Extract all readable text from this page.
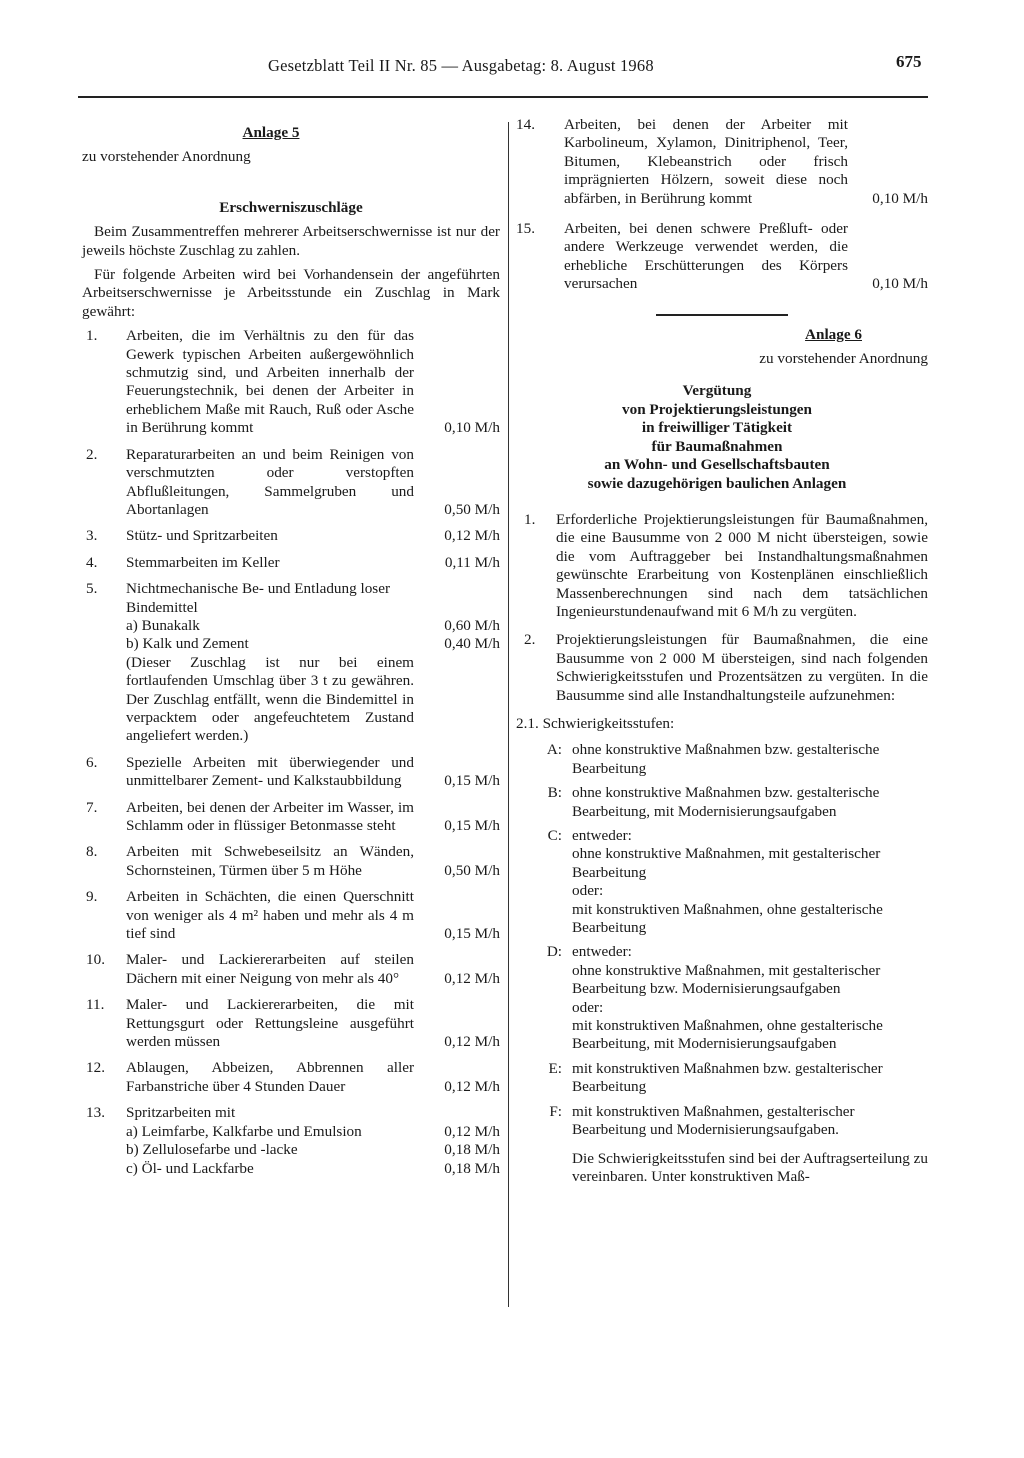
Gesetzblatt Teil II Nr. 85 — Ausgabetag: 8. August 1968	675
Anlage 5
zu vorstehender Anordnung
Erschwerniszuschläge

Beim Zusammentreffen mehrerer Arbeitserschwernisse ist nur der jeweils höchste Zuschlag zu zahlen.

Für folgende Arbeiten wird bei Vorhandensein der angeführten Arbeitserschwernisse je Arbeitsstunde ein Zuschlag in Mark gewährt:

1.	Arbeiten, die im Verhältnis zu den für das Gewerk typischen Arbeiten außergewöhnlich schmutzig sind, und Arbeiten innerhalb der Feuerungstechnik, bei denen der Arbeiter in erheblichem Maße mit Rauch, Ruß oder Asche in Berührung kommt	0,10 M/h
2.	Reparaturarbeiten an und beim Reinigen von verschmutzten oder verstopften Abflußleitungen, Sammelgruben und Abortanlagen	0,50 M/h
3.	Stütz- und Spritzarbeiten	0,12 M/h
4.	Stemmarbeiten im Keller	0,11 M/h
5.	Nichtmechanische Be- und Entladung loser Bindemittel
a) Bunakalk	0,60 M/h
b) Kalk und Zement	0,40 M/h
(Dieser Zuschlag ist nur bei einem fortlaufenden Umschlag über 3 t zu gewähren. Der Zuschlag entfällt, wenn die Bindemittel in verpacktem oder angefeuchtetem Zustand angeliefert werden.)
6.	Spezielle Arbeiten mit überwiegender und unmittelbarer Zement- und Kalkstaubbildung	0,15 M/h
7.	Arbeiten, bei denen der Arbeiter im Wasser, im Schlamm oder in flüssiger Betonmasse steht	0,15 M/h
8.	Arbeiten mit Schwebeseilsitz an Wänden, Schornsteinen, Türmen über 5 m Höhe	0,50 M/h
9.	Arbeiten in Schächten, die einen Querschnitt von weniger als 4 m² haben und mehr als 4 m tief sind	0,15 M/h
10.	Maler- und Lackiererarbeiten auf steilen Dächern mit einer Neigung von mehr als 40°	0,12 M/h
11.	Maler- und Lackiererarbeiten, die mit Rettungsgurt oder Rettungsleine ausgeführt werden müssen	0,12 M/h
12.	Ablaugen, Abbeizen, Abbrennen aller Farbanstriche über 4 Stunden Dauer	0,12 M/h
13.	Spritzarbeiten mit
a) Leimfarbe, Kalkfarbe und Emulsion	0,12 M/h
b) Zellulosefarbe und -lacke	0,18 M/h
c) Öl- und Lackfarbe	0,18 M/h
14.	Arbeiten, bei denen der Arbeiter mit Karbolineum, Xylamon, Dinitriphenol, Teer, Bitumen, Klebeanstrich oder frisch imprägnierten Hölzern, soweit diese noch abfärben, in Berührung kommt	0,10 M/h
15.	Arbeiten, bei denen schwere Preßluft- oder andere Werkzeuge verwendet werden, die erhebliche Erschütterungen des Körpers verursachen	0,10 M/h
Anlage 6
zu vorstehender Anordnung
Vergütung
von Projektierungsleistungen
in freiwilliger Tätigkeit
für Baumaßnahmen
an Wohn- und Gesellschaftsbauten
sowie dazugehörigen baulichen Anlagen
1.	Erforderliche Projektierungsleistungen für Baumaßnahmen, die eine Bausumme von 2 000 M nicht übersteigen, sowie die vom Auftraggeber bei Instandhaltungsmaßnahmen gewünschte Erarbeitung von Kostenplänen einschließlich Massenberechnungen sind nach dem tatsächlichen Ingenieurstundenaufwand mit 6 M/h zu vergüten.
2.	Projektierungsleistungen für Baumaßnahmen, die eine Bausumme von 2 000 M übersteigen, sind nach folgenden Schwierigkeitsstufen und Prozentsätzen zu vergüten. In die Bausumme sind alle Instandhaltungsteile aufzunehmen:
2.1. Schwierigkeitsstufen:
A: ohne konstruktive Maßnahmen bzw. gestalterische Bearbeitung
B: ohne konstruktive Maßnahmen bzw. gestalterische Bearbeitung, mit Modernisierungsaufgaben
C: entweder:
ohne konstruktive Maßnahmen, mit gestalterischer Bearbeitung
oder:
mit konstruktiven Maßnahmen, ohne gestalterische Bearbeitung
D: entweder:
ohne konstruktive Maßnahmen, mit gestalterischer Bearbeitung bzw. Modernisierungsaufgaben
oder:
mit konstruktiven Maßnahmen, ohne gestalterische Bearbeitung, mit Modernisierungsaufgaben
E: mit konstruktiven Maßnahmen bzw. gestalterischer Bearbeitung
F: mit konstruktiven Maßnahmen, gestalterischer Bearbeitung und Modernisierungsaufgaben.

Die Schwierigkeitsstufen sind bei der Auftragserteilung zu vereinbaren. Unter konstruktiven Maß-
